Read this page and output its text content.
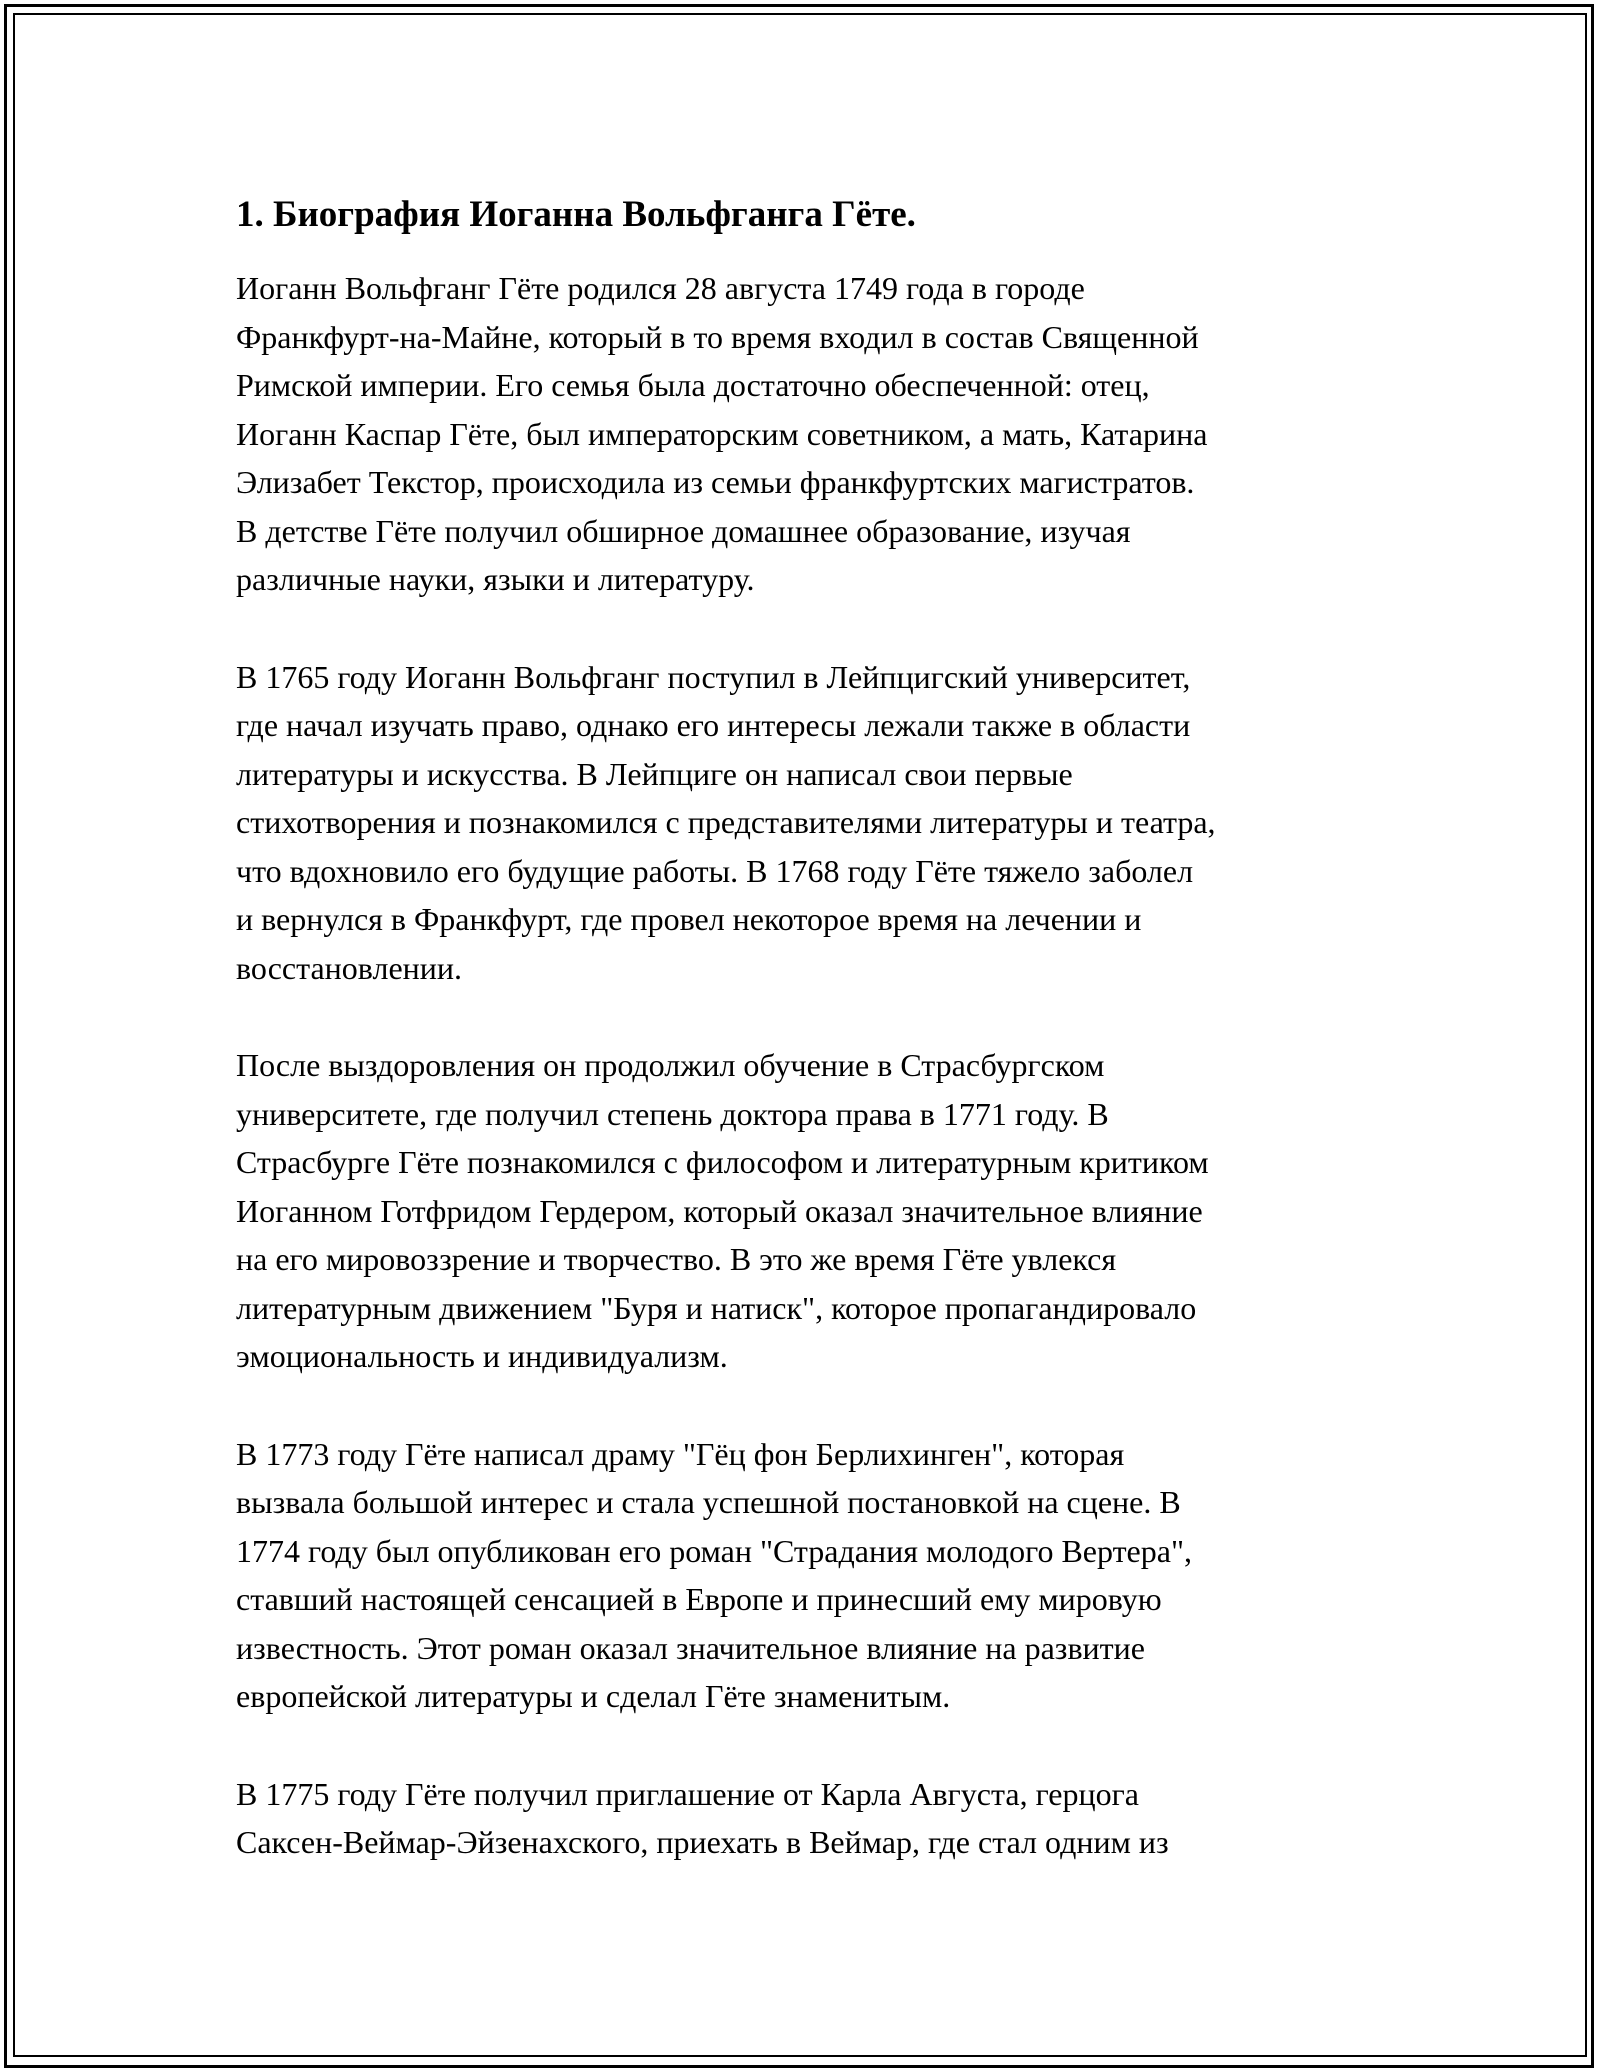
1. Биография Иоганна Вольфганга Гёте.

Иоганн Вольфганг Гёте родился 28 августа 1749 года в городе
Франкфурт-на-Майне, который в то время входил в состав Священной
Римской империи. Его семья была достаточно обеспеченной: отец,
Иоганн Каспар Гёте, был императорским советником, а мать, Катарина
Элизабет Текстор, происходила из семьи франкфуртских магистратов.
В детстве Гёте получил обширное домашнее образование, изучая
различные науки, языки и литературу.

В 1765 году Иоганн Вольфганг поступил в Лейпцигский университет,
где начал изучать право, однако его интересы лежали также в области
литературы и искусства. В Лейпциге он написал свои первые
стихотворения и познакомился с представителями литературы и театра,
что вдохновило его будущие работы. В 1768 году Гёте тяжело заболел
и вернулся в Франкфурт, где провел некоторое время на лечении и
восстановлении.

После выздоровления он продолжил обучение в Страсбургском
университете, где получил степень доктора права в 1771 году. В
Страсбурге Гёте познакомился с философом и литературным критиком
Иоганном Готфридом Гердером, который оказал значительное влияние
на его мировоззрение и творчество. В это же время Гёте увлекся
литературным движением "Буря и натиск", которое пропагандировало
эмоциональность и индивидуализм.

В 1773 году Гёте написал драму "Гёц фон Берлихинген", которая
вызвала большой интерес и стала успешной постановкой на сцене. В
1774 году был опубликован его роман "Страдания молодого Вертера",
ставший настоящей сенсацией в Европе и принесший ему мировую
известность. Этот роман оказал значительное влияние на развитие
европейской литературы и сделал Гёте знаменитым.

В 1775 году Гёте получил приглашение от Карла Августа, герцога
Саксен-Веймар-Эйзенахского, приехать в Веймар, где стал одним из
